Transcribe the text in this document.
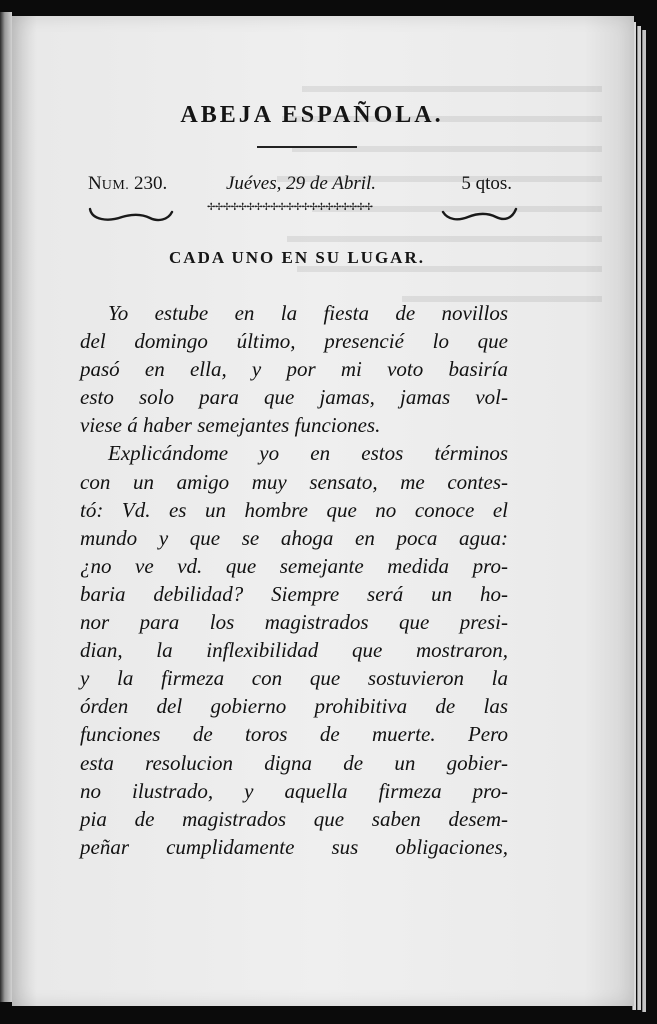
ABEJA ESPAÑOLA.
NUM. 230.	Juéves, 29 de Abril.	5 qtos.
✢✢✢✢✢✢✢✢✢✢✢✢✢✢✢✢✢✢✢✢✢
CADA UNO EN SU LUGAR.
Yo estube en la fiesta de novillos
del domingo último, presencié lo que
pasó en ella, y por mi voto basiría
esto solo para que jamas, jamas vol-
viese á haber semejantes funciones.
Explicándome yo en estos términos
con un amigo muy sensato, me contes-
tó: Vd. es un hombre que no conoce el
mundo y que se ahoga en poca agua:
¿no ve vd. que semejante medida pro-
baria debilidad? Siempre será un ho-
nor para los magistrados que presi-
dian, la inflexibilidad que mostraron,
y la firmeza con que sostuvieron la
órden del gobierno prohibitiva de las
funciones de toros de muerte. Pero
esta resolucion digna de un gobier-
no ilustrado, y aquella firmeza pro-
pia de magistrados que saben desem-
peñar cumplidamente sus obligaciones,
